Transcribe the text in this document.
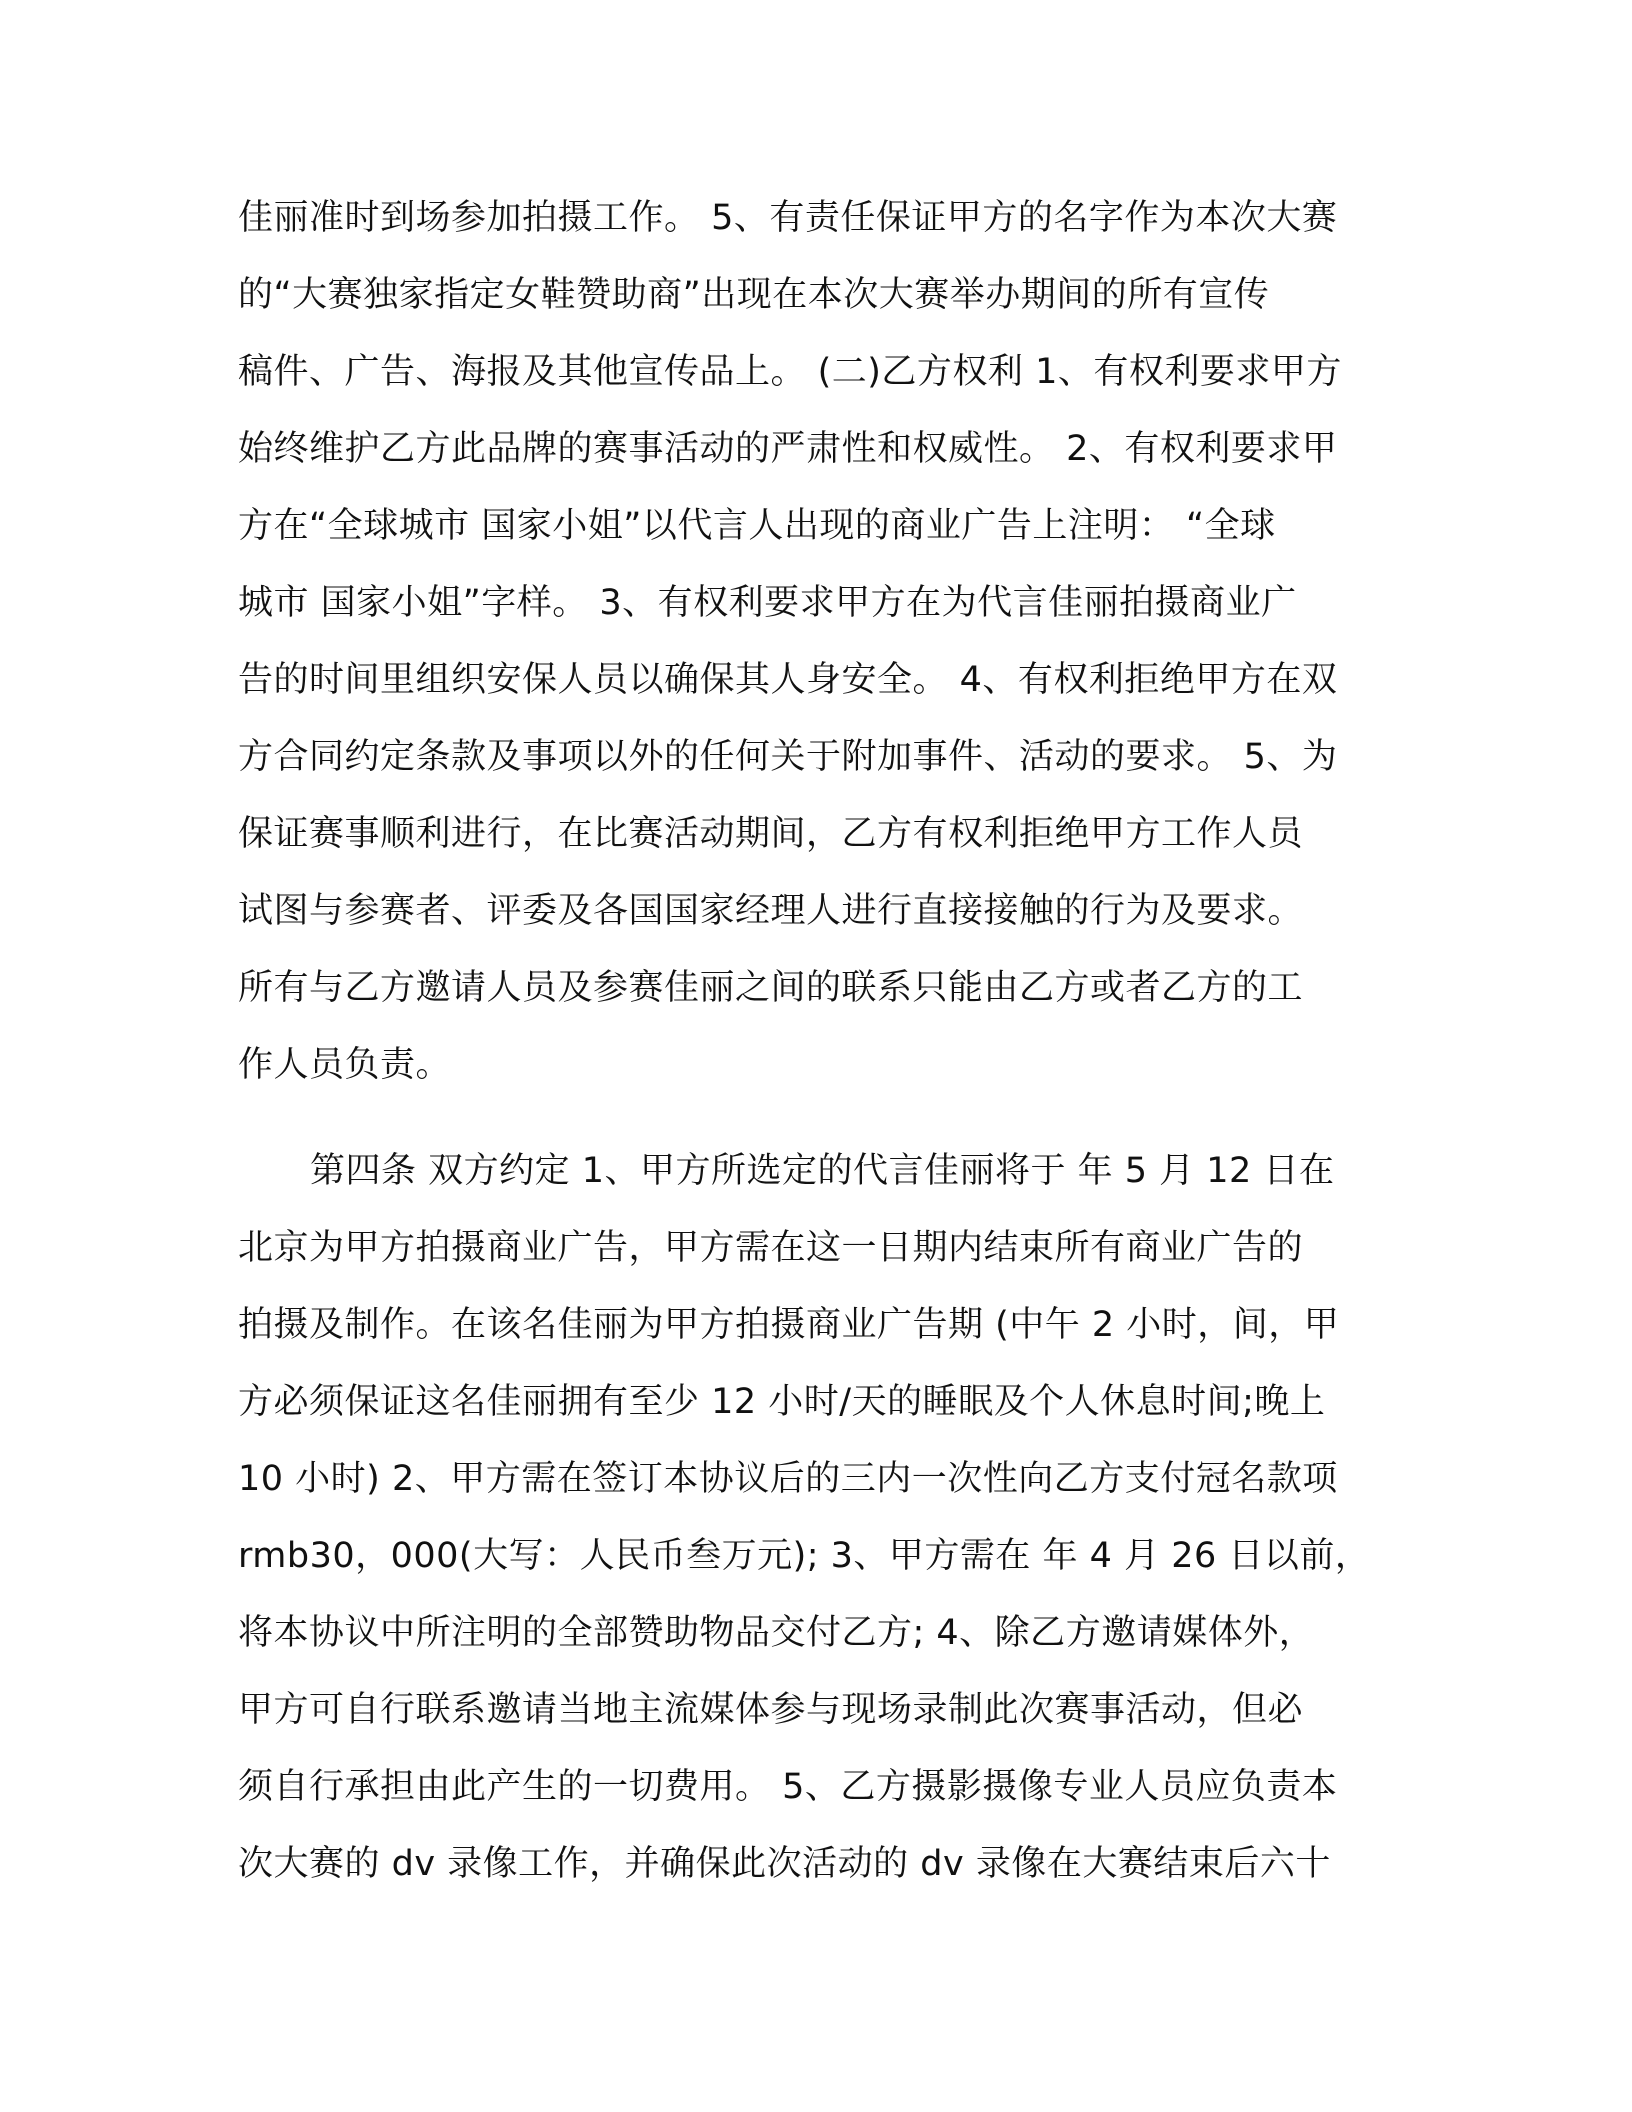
佳丽准时到场参加拍摄工作。 5、有责任保证甲方的名字作为本次大赛
的“大赛独家指定女鞋赞助商”出现在本次大赛举办期间的所有宣传
稿件、广告、海报及其他宣传品上。 (二)乙方权利 1、有权利要求甲方
始终维护乙方此品牌的赛事活动的严肃性和权威性。 2、有权利要求甲
方在“全球城市 国家小姐”以代言人出现的商业广告上注明： “全球
城市 国家小姐”字样。 3、有权利要求甲方在为代言佳丽拍摄商业广
告的时间里组织安保人员以确保其人身安全。 4、有权利拒绝甲方在双
方合同约定条款及事项以外的任何关于附加事件、活动的要求。 5、为
保证赛事顺利进行，在比赛活动期间，乙方有权利拒绝甲方工作人员
试图与参赛者、评委及各国国家经理人进行直接接触的行为及要求。
所有与乙方邀请人员及参赛佳丽之间的联系只能由乙方或者乙方的工
作人员负责。
第四条 双方约定 1、甲方所选定的代言佳丽将于 年 5 月 12 日在
北京为甲方拍摄商业广告，甲方需在这一日期内结束所有商业广告的
拍摄及制作。在该名佳丽为甲方拍摄商业广告期 (中午 2 小时，间，甲
方必须保证这名佳丽拥有至少 12 小时/天的睡眠及个人休息时间;晚上
10 小时) 2、甲方需在签订本协议后的三内一次性向乙方支付冠名款项
rmb30，000(大写：人民币叁万元); 3、甲方需在 年 4 月 26 日以前，
将本协议中所注明的全部赞助物品交付乙方; 4、除乙方邀请媒体外，
甲方可自行联系邀请当地主流媒体参与现场录制此次赛事活动，但必
须自行承担由此产生的一切费用。 5、乙方摄影摄像专业人员应负责本
次大赛的 dv 录像工作，并确保此次活动的 dv 录像在大赛结束后六十
